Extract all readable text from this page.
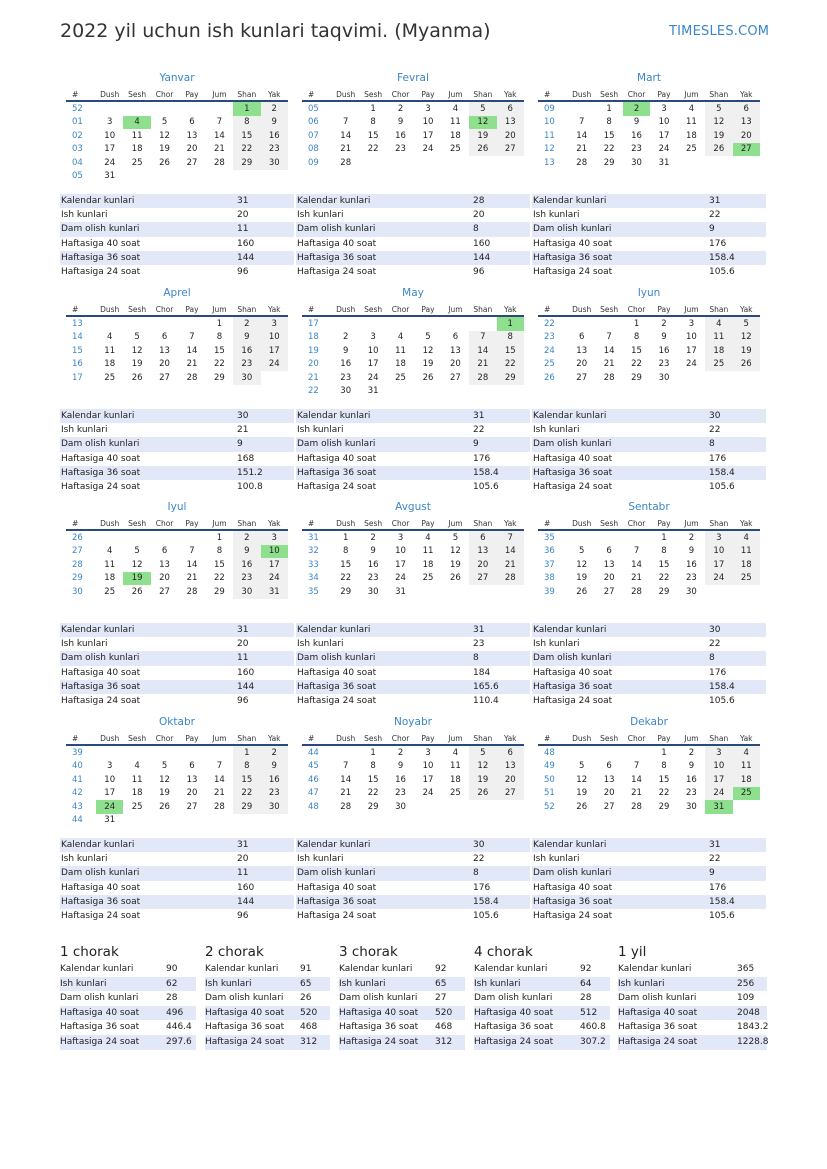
2022 yil uchun ish kunlari taqvimi. (Myanma)	TIMESLES.COM
Yanvar
#	Dush	Sesh	Chor	Pay	Jum	Shan	Yak
52						1	2
01	3	4	5	6	7	8	9
02	10	11	12	13	14	15	16
03	17	18	19	20	21	22	23
04	24	25	26	27	28	29	30
05	31						
Kalendar kunlari	31
Ish kunlari	20
Dam olish kunlari	11
Haftasiga 40 soat	160
Haftasiga 36 soat	144
Haftasiga 24 soat	96
Fevral
#	Dush	Sesh	Chor	Pay	Jum	Shan	Yak
05		1	2	3	4	5	6
06	7	8	9	10	11	12	13
07	14	15	16	17	18	19	20
08	21	22	23	24	25	26	27
09	28						
Kalendar kunlari	28
Ish kunlari	20
Dam olish kunlari	8
Haftasiga 40 soat	160
Haftasiga 36 soat	144
Haftasiga 24 soat	96
Mart
#	Dush	Sesh	Chor	Pay	Jum	Shan	Yak
09		1	2	3	4	5	6
10	7	8	9	10	11	12	13
11	14	15	16	17	18	19	20
12	21	22	23	24	25	26	27
13	28	29	30	31			
Kalendar kunlari	31
Ish kunlari	22
Dam olish kunlari	9
Haftasiga 40 soat	176
Haftasiga 36 soat	158.4
Haftasiga 24 soat	105.6
Aprel
#	Dush	Sesh	Chor	Pay	Jum	Shan	Yak
13					1	2	3
14	4	5	6	7	8	9	10
15	11	12	13	14	15	16	17
16	18	19	20	21	22	23	24
17	25	26	27	28	29	30	
Kalendar kunlari	30
Ish kunlari	21
Dam olish kunlari	9
Haftasiga 40 soat	168
Haftasiga 36 soat	151.2
Haftasiga 24 soat	100.8
May
#	Dush	Sesh	Chor	Pay	Jum	Shan	Yak
17							1
18	2	3	4	5	6	7	8
19	9	10	11	12	13	14	15
20	16	17	18	19	20	21	22
21	23	24	25	26	27	28	29
22	30	31					
Kalendar kunlari	31
Ish kunlari	22
Dam olish kunlari	9
Haftasiga 40 soat	176
Haftasiga 36 soat	158.4
Haftasiga 24 soat	105.6
Iyun
#	Dush	Sesh	Chor	Pay	Jum	Shan	Yak
22			1	2	3	4	5
23	6	7	8	9	10	11	12
24	13	14	15	16	17	18	19
25	20	21	22	23	24	25	26
26	27	28	29	30			
Kalendar kunlari	30
Ish kunlari	22
Dam olish kunlari	8
Haftasiga 40 soat	176
Haftasiga 36 soat	158.4
Haftasiga 24 soat	105.6
Iyul
#	Dush	Sesh	Chor	Pay	Jum	Shan	Yak
26					1	2	3
27	4	5	6	7	8	9	10
28	11	12	13	14	15	16	17
29	18	19	20	21	22	23	24
30	25	26	27	28	29	30	31
Kalendar kunlari	31
Ish kunlari	20
Dam olish kunlari	11
Haftasiga 40 soat	160
Haftasiga 36 soat	144
Haftasiga 24 soat	96
Avgust
#	Dush	Sesh	Chor	Pay	Jum	Shan	Yak
31	1	2	3	4	5	6	7
32	8	9	10	11	12	13	14
33	15	16	17	18	19	20	21
34	22	23	24	25	26	27	28
35	29	30	31				
Kalendar kunlari	31
Ish kunlari	23
Dam olish kunlari	8
Haftasiga 40 soat	184
Haftasiga 36 soat	165.6
Haftasiga 24 soat	110.4
Sentabr
#	Dush	Sesh	Chor	Pay	Jum	Shan	Yak
35				1	2	3	4
36	5	6	7	8	9	10	11
37	12	13	14	15	16	17	18
38	19	20	21	22	23	24	25
39	26	27	28	29	30		
Kalendar kunlari	30
Ish kunlari	22
Dam olish kunlari	8
Haftasiga 40 soat	176
Haftasiga 36 soat	158.4
Haftasiga 24 soat	105.6
Oktabr
#	Dush	Sesh	Chor	Pay	Jum	Shan	Yak
39						1	2
40	3	4	5	6	7	8	9
41	10	11	12	13	14	15	16
42	17	18	19	20	21	22	23
43	24	25	26	27	28	29	30
44	31						
Kalendar kunlari	31
Ish kunlari	20
Dam olish kunlari	11
Haftasiga 40 soat	160
Haftasiga 36 soat	144
Haftasiga 24 soat	96
Noyabr
#	Dush	Sesh	Chor	Pay	Jum	Shan	Yak
44		1	2	3	4	5	6
45	7	8	9	10	11	12	13
46	14	15	16	17	18	19	20
47	21	22	23	24	25	26	27
48	28	29	30				
Kalendar kunlari	30
Ish kunlari	22
Dam olish kunlari	8
Haftasiga 40 soat	176
Haftasiga 36 soat	158.4
Haftasiga 24 soat	105.6
Dekabr
#	Dush	Sesh	Chor	Pay	Jum	Shan	Yak
48				1	2	3	4
49	5	6	7	8	9	10	11
50	12	13	14	15	16	17	18
51	19	20	21	22	23	24	25
52	26	27	28	29	30	31	
Kalendar kunlari	31
Ish kunlari	22
Dam olish kunlari	9
Haftasiga 40 soat	176
Haftasiga 36 soat	158.4
Haftasiga 24 soat	105.6
1 chorak
Kalendar kunlari	90
Ish kunlari	62
Dam olish kunlari	28
Haftasiga 40 soat	496
Haftasiga 36 soat	446.4
Haftasiga 24 soat	297.6
2 chorak
Kalendar kunlari 91
Ish kunlari	65
Dam olish kunlari 26
Haftasiga 40 soat 520
Haftasiga 36 soat 468
Haftasiga 24 soat 312
3 chorak
Kalendar kunlari	92
Ish kunlari	65
Dam olish kunlari 27
Haftasiga 40 soat 520
Haftasiga 36 soat 468
Haftasiga 24 soat 312
4 chorak
Kalendar kunlari	92
Ish kunlari	64
Dam olish kunlari	28
Haftasiga 40 soat	512
Haftasiga 36 soat	460.8
Haftasiga 24 soat	307.2
1 yil
Kalendar kunlari	365
Ish kunlari	256
Dam olish kunlari	109
Haftasiga 40 soat	2048
Haftasiga 36 soat	1843.2
Haftasiga 24 soat	1228.8
